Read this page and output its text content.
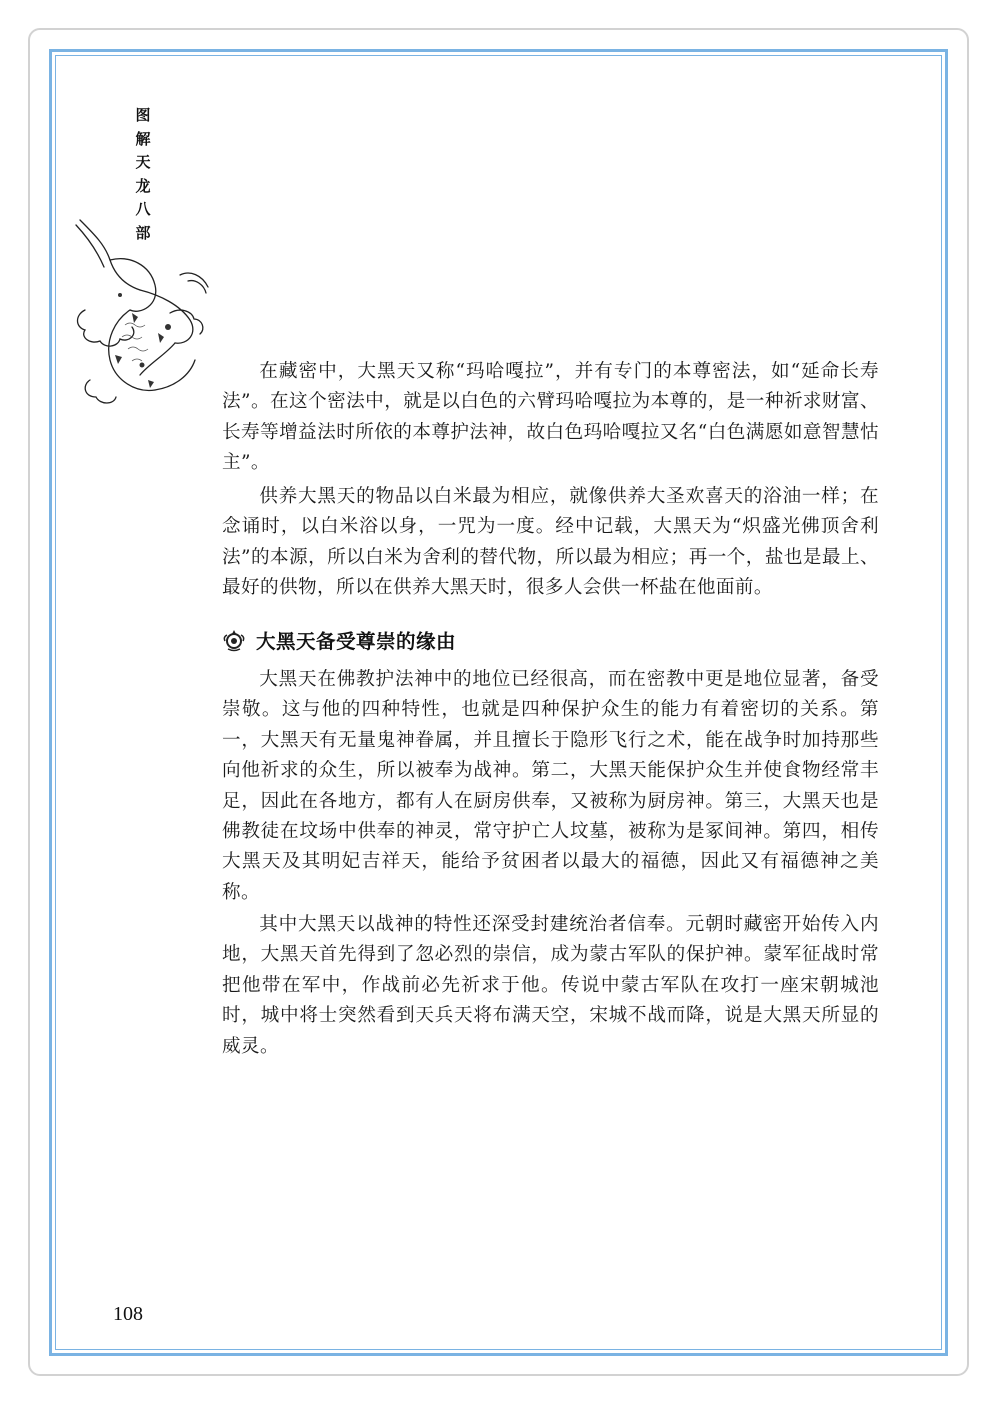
图
解
天
龙
八
部

在藏密中，大黑天又称“玛哈嘎拉”，并有专门的本尊密法，如“延命长寿法”。在这个密法中，就是以白色的六臂玛哈嘎拉为本尊的，是一种祈求财富、长寿等增益法时所依的本尊护法神，故白色玛哈嘎拉又名“白色满愿如意智慧怙主”。

供养大黑天的物品以白米最为相应，就像供养大圣欢喜天的浴油一样；在念诵时，以白米浴以身，一咒为一度。经中记载，大黑天为“炽盛光佛顶舍利法”的本源，所以白米为舍利的替代物，所以最为相应；再一个，盐也是最上、最好的供物，所以在供养大黑天时，很多人会供一杯盐在他面前。

大黑天备受尊崇的缘由

大黑天在佛教护法神中的地位已经很高，而在密教中更是地位显著，备受崇敬。这与他的四种特性，也就是四种保护众生的能力有着密切的关系。第一，大黑天有无量鬼神眷属，并且擅长于隐形飞行之术，能在战争时加持那些向他祈求的众生，所以被奉为战神。第二，大黑天能保护众生并使食物经常丰足，因此在各地方，都有人在厨房供奉，又被称为厨房神。第三，大黑天也是佛教徒在坟场中供奉的神灵，常守护亡人坟墓，被称为是冢间神。第四，相传大黑天及其明妃吉祥天，能给予贫困者以最大的福德，因此又有福德神之美称。

其中大黑天以战神的特性还深受封建统治者信奉。元朝时藏密开始传入内地，大黑天首先得到了忽必烈的崇信，成为蒙古军队的保护神。蒙军征战时常把他带在军中，作战前必先祈求于他。传说中蒙古军队在攻打一座宋朝城池时，城中将士突然看到天兵天将布满天空，宋城不战而降，说是大黑天所显的威灵。

108
